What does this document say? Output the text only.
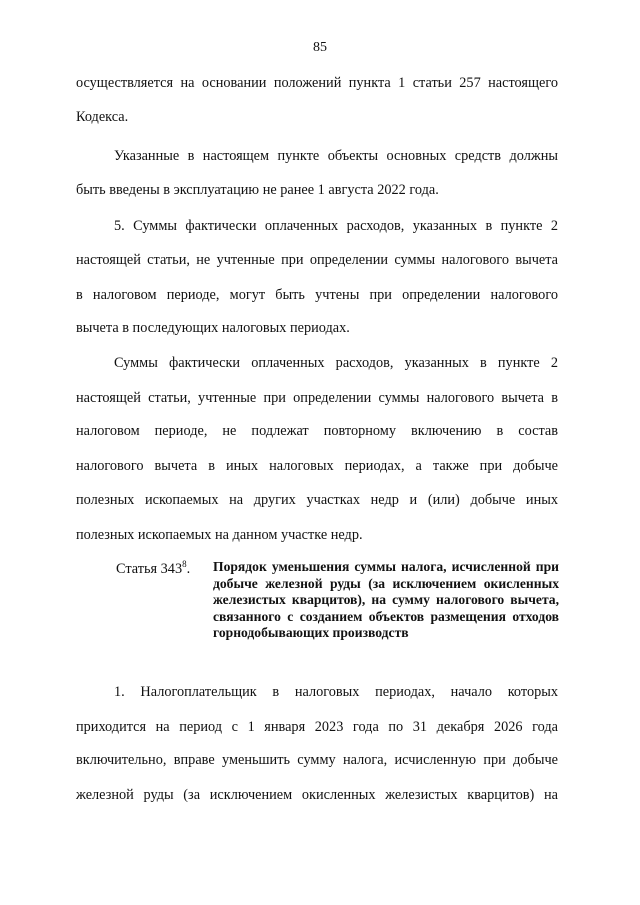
85
осуществляется на основании положений пункта 1 статьи 257 настоящего
Кодекса.
Указанные в настоящем пункте объекты основных средств должны
быть введены в эксплуатацию не ранее 1 августа 2022 года.
5. Суммы фактически оплаченных расходов, указанных в пункте 2
настоящей статьи, не учтенные при определении суммы налогового вычета
в налоговом периоде, могут быть учтены при определении налогового
вычета в последующих налоговых периодах.
Суммы фактически оплаченных расходов, указанных в пункте 2
настоящей статьи, учтенные при определении суммы налогового вычета в
налоговом периоде, не подлежат повторному включению в состав
налогового вычета в иных налоговых периодах, а также при добыче
полезных ископаемых на других участках недр и (или) добыче иных
полезных ископаемых на данном участке недр.
Статья $343^8$. Порядок уменьшения суммы налога, исчисленной при добыче железной руды (за исключением окисленных железистых кварцитов), на сумму налогового вычета, связанного с созданием объектов размещения отходов горнодобывающих производств
1. Налогоплательщик в налоговых периодах, начало которых
приходится на период с 1 января 2023 года по 31 декабря 2026 года
включительно, вправе уменьшить сумму налога, исчисленную при добыче
железной руды (за исключением окисленных железистых кварцитов) на
